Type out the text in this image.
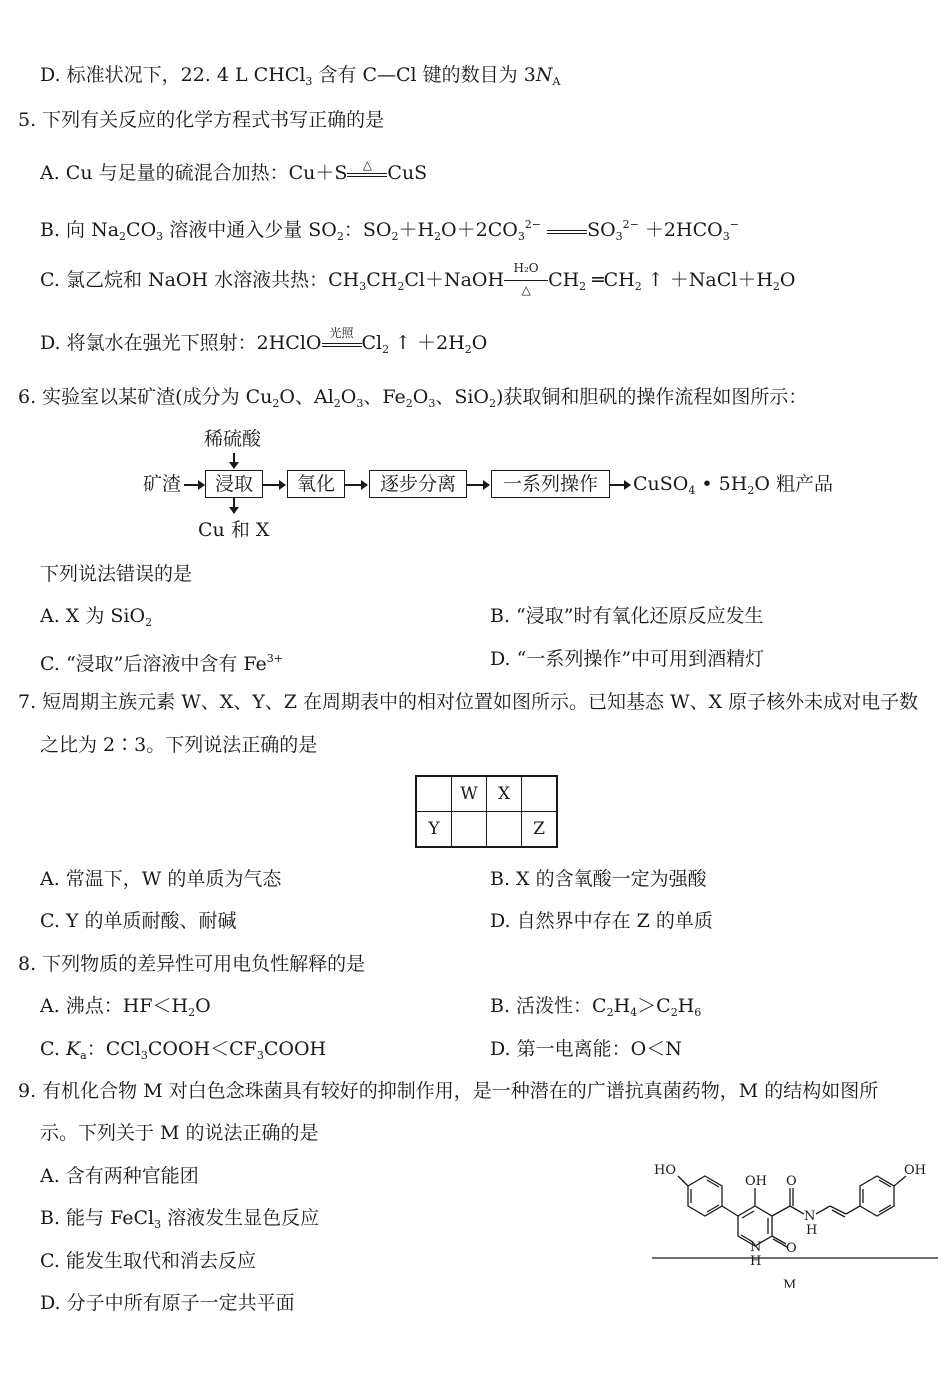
D. 标准状况下，22. 4 L CHCl$_3$ 含有 C—Cl 键的数目为 $3N_A$
5. 下列有关反应的化学方程式书写正确的是
A. Cu 与足量的硫混合加热：Cu＋S	△ CuS
B. 向 $Na_2CO_3$ 溶液中通入少量 $SO_2$：$SO_2+H_2O+2CO_3^{2-}$ $SO_3^{2-} +2HCO_3^-$
C. 氯乙烷和 NaOH 水溶液共热：$CH_3CH_2Cl+NaOH$
H₂O
△ $CH_2$ $═CH_2$ ↑ $+NaCl+H_2O$
D. 将氯水在强光下照射：2HClO 光照 $Cl_2$ ↑ $+2H_2O$
6. 实验室以某矿渣(成分为 $Cu_2O$、$Al_2O_3$、$Fe_2O_3$、SiO$_2$)获取铜和胆矾的操作流程如图所示：
稀硫酸
矿渣	浸取	氧化	逐步分离	一系列操作	CuSO$_4$ • $5H_2O$ 粗产品
Cu 和 X
下列说法错误的是
A. X 为 SiO$_2$	B. “浸取”时有氧化还原反应发生
C. “浸取”后溶液中含有 $Fe^{3+}$	D. “一系列操作”中可用到酒精灯
7. 短周期主族元素 W、X、Y、Z 在周期表中的相对位置如图所示。已知基态 W、X 原子核外未成对电子数
之比为 2∶3。下列说法正确的是
	W	X	
Y			Z
A. 常温下，W 的单质为气态	B. X 的含氧酸一定为强酸
C. Y 的单质耐酸、耐碱	D. 自然界中存在 Z 的单质
8. 下列物质的差异性可用电负性解释的是
A. 沸点：$HF<H_2O$	B. 活泼性：$C_2H_4>C_2H_6$
C. $K_a$：$CCl_3COOH<CF_3COOH$	D. 第一电离能：O＜N
9. 有机化合物 M 对白色念珠菌具有较好的抑制作用，是一种潜在的广谱抗真菌药物，M 的结构如图所
示。下列关于 M 的说法正确的是
A. 含有两种官能团
B. 能与 FeCl$_3$ 溶液发生显色反应
C. 能发生取代和消去反应
D. 分子中所有原子一定共平面
HO
OH O
N
H
N
H
O
OH
M
